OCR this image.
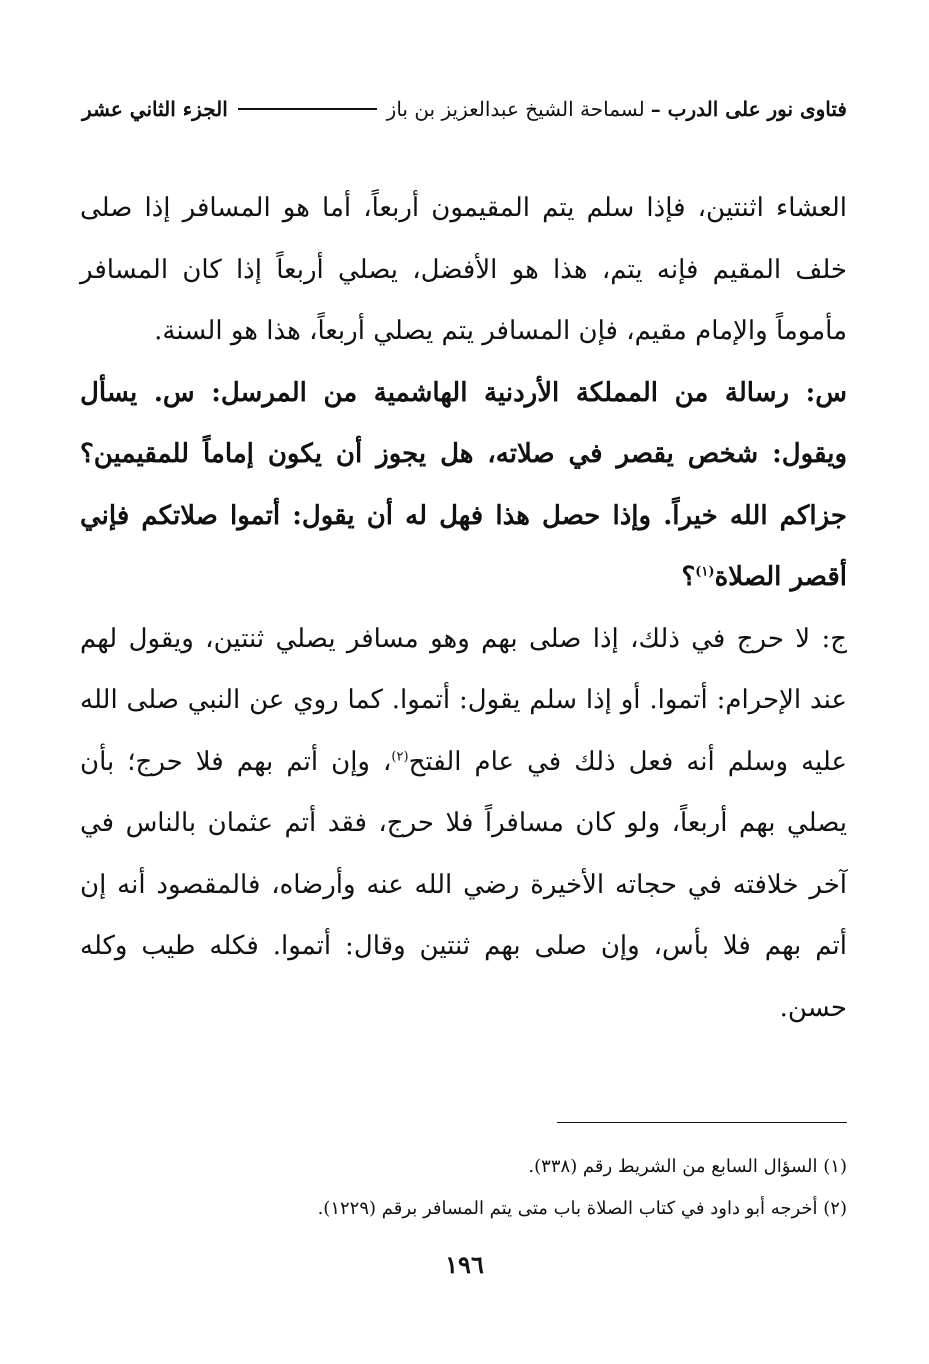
فتاوى نور على الدرب –
لسماحة الشيخ عبدالعزيز بن باز
الجزء الثاني عشر

العشاء اثنتين، فإذا سلم يتم المقيمون أربعاً، أما هو المسافر إذا صلى خلف المقيم فإنه يتم، هذا هو الأفضل، يصلي أربعاً إذا كان المسافر مأموماً والإمام مقيم، فإن المسافر يتم يصلي أربعاً، هذا هو السنة.

س: رسالة من المملكة الأردنية الهاشمية من المرسل: س. يسأل ويقول: شخص يقصر في صلاته، هل يجوز أن يكون إماماً للمقيمين؟ جزاكم الله خيراً. وإذا حصل هذا فهل له أن يقول: أتموا صلاتكم فإني أقصر الصلاة$^{(١)}$؟

ج: لا حرج في ذلك، إذا صلى بهم وهو مسافر يصلي ثنتين، ويقول لهم عند الإحرام: أتموا. أو إذا سلم يقول: أتموا. كما روي عن النبي صلى الله عليه وسلم أنه فعل ذلك في عام الفتح$^{(٢)}$، وإن أتم بهم فلا حرج؛ بأن يصلي بهم أربعاً، ولو كان مسافراً فلا حرج، فقد أتم عثمان بالناس في آخر خلافته في حجاته الأخيرة رضي الله عنه وأرضاه، فالمقصود أنه إن أتم بهم فلا بأس، وإن صلى بهم ثنتين وقال: أتموا. فكله طيب وكله حسن.

(١) السؤال السابع من الشريط رقم (٣٣٨).

(٢) أخرجه أبو داود في كتاب الصلاة باب متى يتم المسافر برقم (١٢٢٩).

١٩٦
